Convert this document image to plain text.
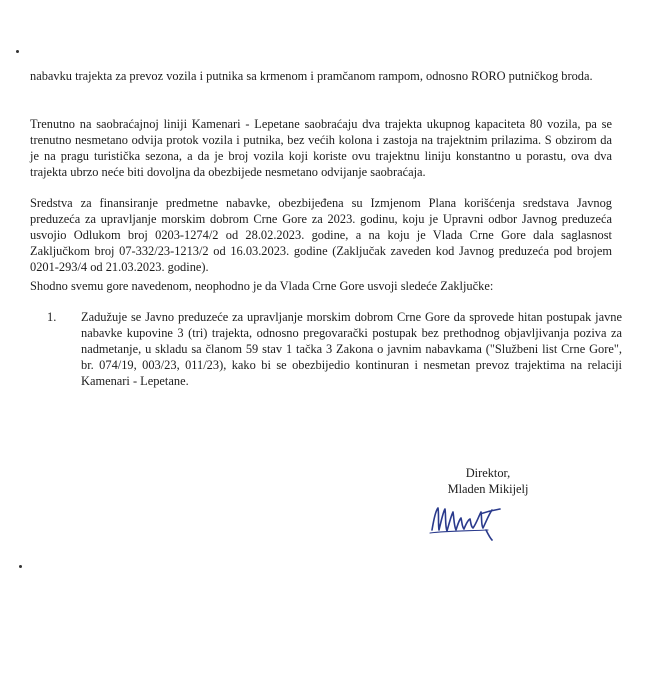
nabavku trajekta za prevoz vozila i putnika sa krmenom i pramčanom rampom, odnosno RORO putničkog broda.

Trenutno na saobraćajnoj liniji Kamenari - Lepetane saobraćaju dva trajekta ukupnog kapaciteta 80 vozila, pa se trenutno nesmetano odvija protok vozila i putnika, bez većih kolona i zastoja na trajektnim prilazima. S obzirom da je na pragu turistička sezona, a da je broj vozila koji koriste ovu trajektnu liniju konstantno u porastu, ova dva trajekta ubrzo neće biti dovoljna da obezbijede nesmetano odvijanje saobraćaja.

Sredstva za finansiranje predmetne nabavke, obezbijeđena su Izmjenom Plana korišćenja sredstava Javnog preduzeća za upravljanje morskim dobrom Crne Gore za 2023. godinu, koju je Upravni odbor Javnog preduzeća usvojio Odlukom broj 0203-1274/2 od 28.02.2023. godine, a na koju je Vlada Crne Gore dala saglasnost Zaključkom broj 07-332/23-1213/2 od 16.03.2023. godine (Zaključak zaveden kod Javnog preduzeća pod brojem 0201-293/4 od 21.03.2023. godine).

Shodno svemu gore navedenom, neophodno je da Vlada Crne Gore usvoji sledeće Zaključke:

1. Zadužuje se Javno preduzeće za upravljanje morskim dobrom Crne Gore da sprovede hitan postupak javne nabavke kupovine 3 (tri) trajekta, odnosno pregovarački postupak bez prethodnog objavljivanja poziva za nadmetanje, u skladu sa članom 59 stav 1 tačka 3 Zakona o javnim nabavkama ("Službeni list Crne Gore", br. 074/19, 003/23, 011/23), kako bi se obezbijedio kontinuran i nesmetan prevoz trajektima na relaciji Kamenari - Lepetane.

Direktor,
Mladen Mikijelj
